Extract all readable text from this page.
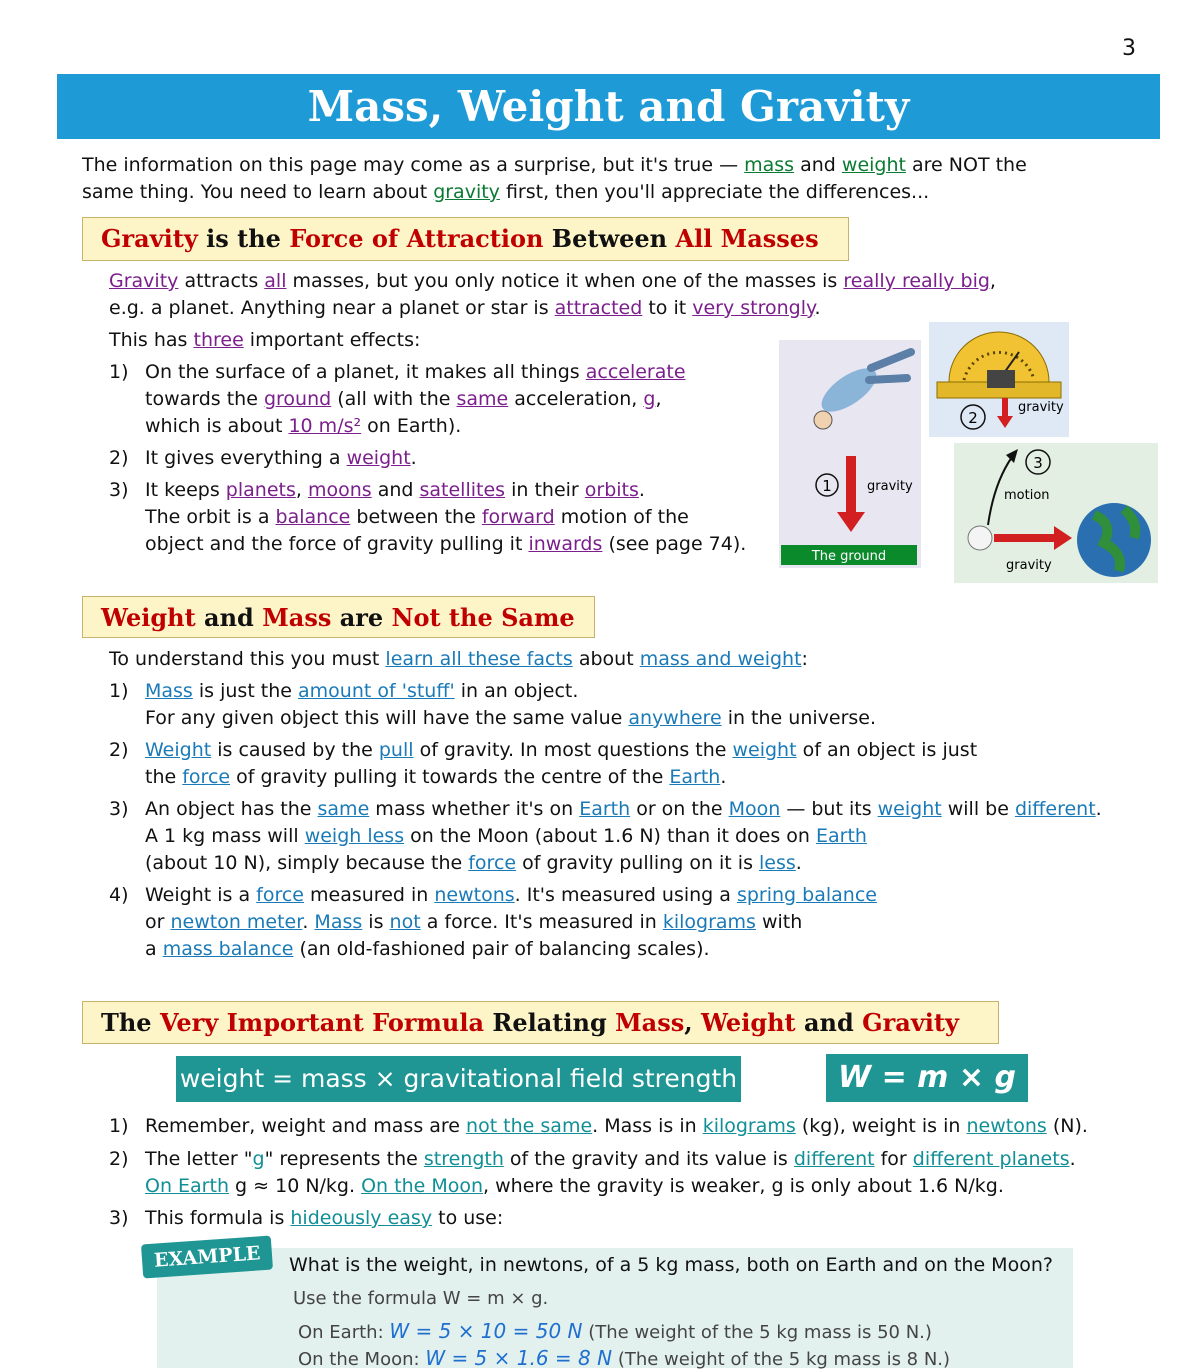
3
Mass, Weight and Gravity
The information on this page may come as a surprise, but it's true — mass and weight are NOT the
same thing. You need to learn about gravity first, then you'll appreciate the differences...
Gravity is the Force of Attraction Between All Masses
Gravity attracts all masses, but you only notice it when one of the masses is really really big,
e.g. a planet. Anything near a planet or star is attracted to it very strongly.
This has three important effects:
1) On the surface of a planet, it makes all things accelerate
towards the ground (all with the same acceleration, g,
which is about 10 m/s² on Earth).
2) It gives everything a weight.
3) It keeps planets, moons and satellites in their orbits.
The orbit is a balance between the forward motion of the
object and the force of gravity pulling it inwards (see page 74).
1	gravity
The ground
2
gravity
3
motion
gravity
Weight and Mass are Not the Same
To understand this you must learn all these facts about mass and weight:
1) Mass is just the amount of 'stuff' in an object.
For any given object this will have the same value anywhere in the universe.
2) Weight is caused by the pull of gravity. In most questions the weight of an object is just
the force of gravity pulling it towards the centre of the Earth.
3) An object has the same mass whether it's on Earth or on the Moon — but its weight will be different.
A 1 kg mass will weigh less on the Moon (about 1.6 N) than it does on Earth
(about 10 N), simply because the force of gravity pulling on it is less.
4) Weight is a force measured in newtons. It's measured using a spring balance
or newton meter. Mass is not a force. It's measured in kilograms with
a mass balance (an old-fashioned pair of balancing scales).
The Very Important Formula Relating Mass, Weight and Gravity
weight = mass × gravitational field strength	W = m × g
1) Remember, weight and mass are not the same. Mass is in kilograms (kg), weight is in newtons (N).
2) The letter "g" represents the strength of the gravity and its value is different for different planets.
On Earth g ≈ 10 N/kg. On the Moon, where the gravity is weaker, g is only about 1.6 N/kg.
3) This formula is hideously easy to use:
EXAMPLE	What is the weight, in newtons, of a 5 kg mass, both on Earth and on the Moon?
Use the formula W = m × g.
On Earth: W = 5 × 10 = 50 N (The weight of the 5 kg mass is 50 N.)
On the Moon: W = 5 × 1.6 = 8 N (The weight of the 5 kg mass is 8 N.)
